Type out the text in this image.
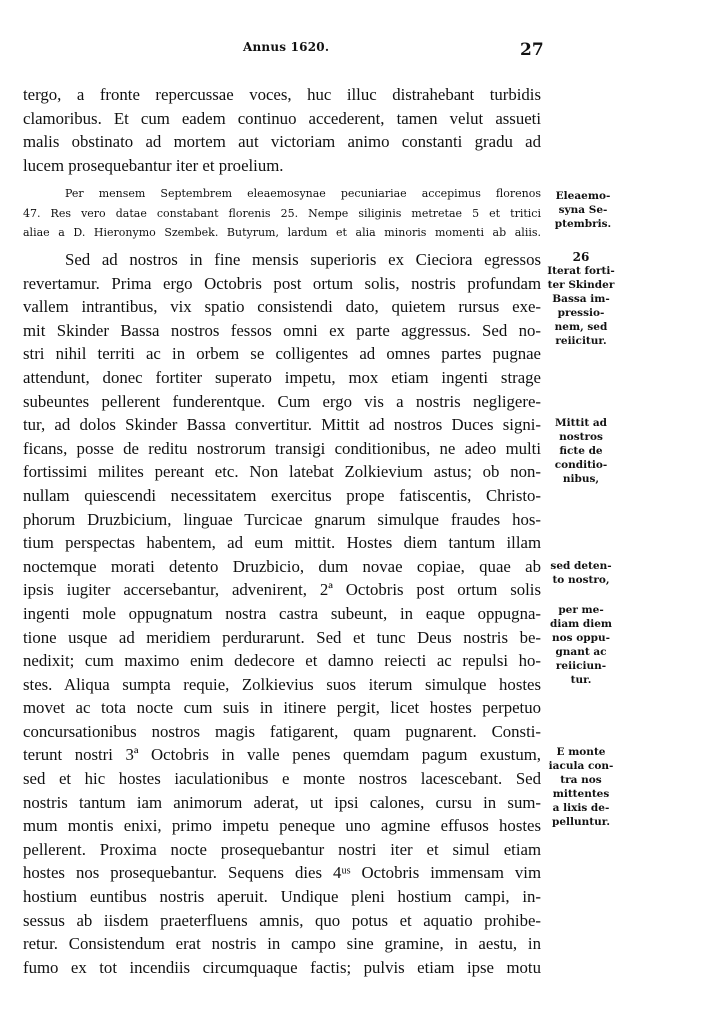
Annus 1620.	27
tergo, a fronte repercussae voces, huc illuc distrahebant turbidis
clamoribus. Et cum eadem continuo accederent, tamen velut assueti
malis obstinato ad mortem aut victoriam animo constanti gradu ad
lucem prosequebantur iter et proelium.
Per mensem Septembrem eleaemosynae pecuniariae accepimus florenos
47. Res vero datae constabant florenis 25. Nempe siliginis metretae 5 et tritici
aliae a D. Hieronymo Szembek. Butyrum, lardum et alia minoris momenti ab aliis.
Sed ad nostros in fine mensis superioris ex Cieciora egressos
revertamur. Prima ergo Octobris post ortum solis, nostris profundam
vallem intrantibus, vix spatio consistendi dato, quietem rursus exe-
mit Skinder Bassa nostros fessos omni ex parte aggressus. Sed no-
stri nihil territi ac in orbem se colligentes ad omnes partes pugnae
attendunt, donec fortiter superato impetu, mox etiam ingenti strage
subeuntes pellerent funderentque. Cum ergo vis a nostris negligere-
tur, ad dolos Skinder Bassa convertitur. Mittit ad nostros Duces signi-
ficans, posse de reditu nostrorum transigi conditionibus, ne adeo multi
fortissimi milites pereant etc. Non latebat Zolkievium astus; ob non-
nullam quiescendi necessitatem exercitus prope fatiscentis, Christo-
phorum Druzbicium, linguae Turcicae gnarum simulque fraudes hos-
tium perspectas habentem, ad eum mittit. Hostes diem tantum illam
noctemque morati detento Druzbicio, dum novae copiae, quae ab
ipsis iugiter accersebantur, advenirent, 2ª Octobris post ortum solis
ingenti mole oppugnatum nostra castra subeunt, in eaque oppugna-
tione usque ad meridiem perdurarunt. Sed et tunc Deus nostris be-
nedixit; cum maximo enim dedecore et damno reiecti ac repulsi ho-
stes. Aliqua sumpta requie, Zolkievius suos iterum simulque hostes
movet ac tota nocte cum suis in itinere pergit, licet hostes perpetuo
concursationibus nostros magis fatigarent, quam pugnarent. Consti-
terunt nostri 3ª Octobris in valle penes quemdam pagum exustum,
sed et hic hostes iaculationibus e monte nostros lacescebant. Sed
nostris tantum iam animorum aderat, ut ipsi calones, cursu in sum-
mum montis enixi, primo impetu peneque uno agmine effusos hostes
pellerent. Proxima nocte prosequebantur nostri iter et simul etiam
hostes nos prosequebantur. Sequens dies 4ᵘˢ Octobris immensam vim
hostium euntibus nostris aperuit. Undique pleni hostium campi, in-
sessus ab iisdem praeterfluens amnis, quo potus et aquatio prohibe-
retur. Consistendum erat nostris in campo sine gramine, in aestu, in
fumo ex tot incendiis circumquaque factis; pulvis etiam ipse motu
Eleaemo-
syna Se-
ptembris.
26
Iterat forti-
ter Skinder
Bassa im-
pressio-
nem, sed
reiicitur.
Mittit ad
nostros
ficte de
conditio-
nibus,
sed deten-
to nostro,
per me-
diam diem
nos oppu-
gnant ac
reiiciun-
tur.
E monte
iacula con-
tra nos
mittentes
a lixis de-
pelluntur.
